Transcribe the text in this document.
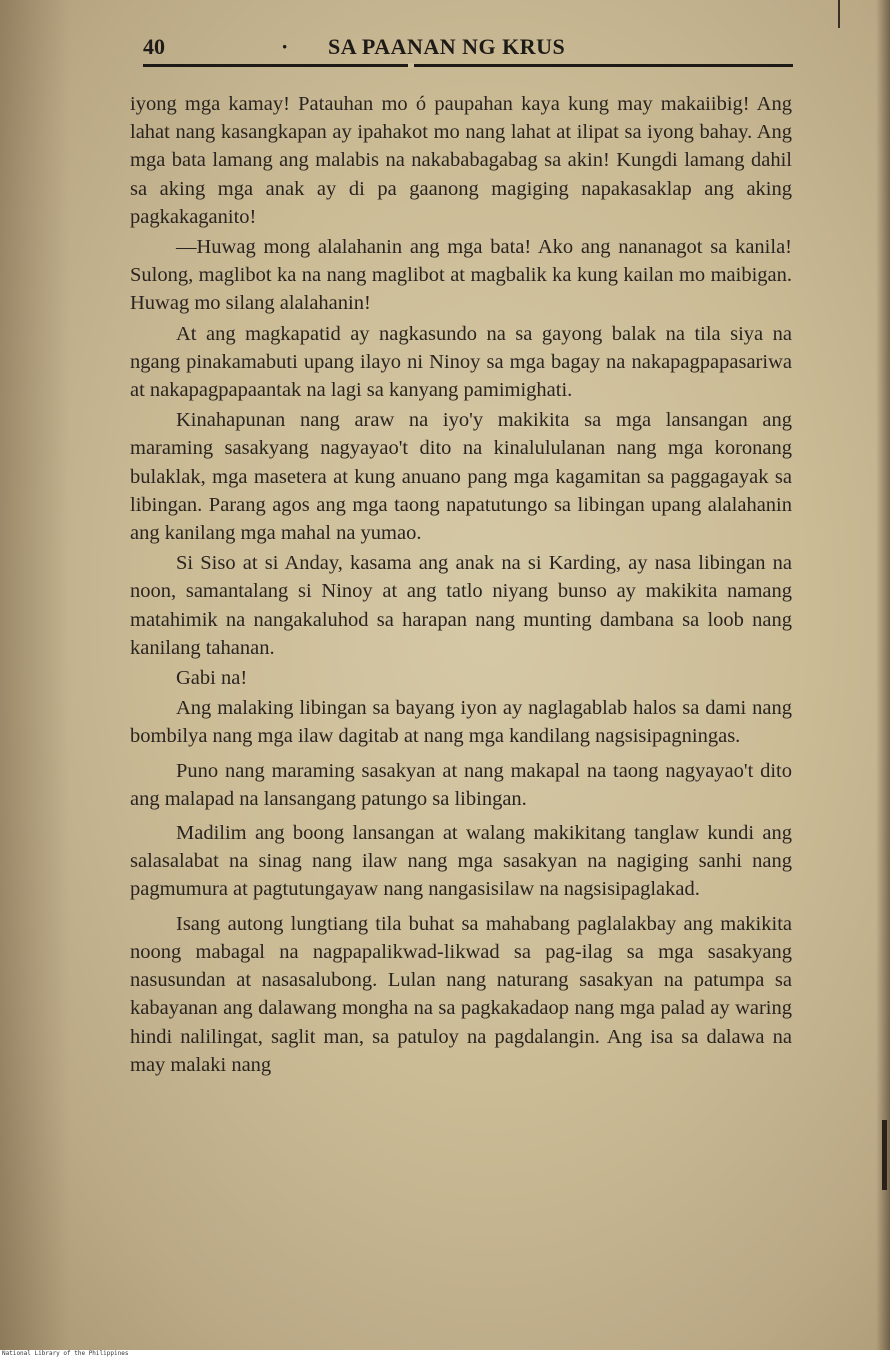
40	· SA PAANAN NG KRUS

iyong mga kamay! Patauhan mo ó paupahan kaya kung may makaiibig! Ang lahat nang kasangkapan ay ipahakot mo nang lahat at ilipat sa iyong bahay. Ang mga bata lamang ang malabis na nakababagabag sa akin! Kungdi lamang dahil sa aking mga anak ay di pa gaanong magiging napakasaklap ang aking pagkakaganito!

—Huwag mong alalahanin ang mga bata! Ako ang nananagot sa kanila! Sulong, maglibot ka na nang maglibot at magbalik ka kung kailan mo maibigan. Huwag mo silang alalahanin!

At ang magkapatid ay nagkasundo na sa gayong balak na tila siya na ngang pinakamabuti upang ilayo ni Ninoy sa mga bagay na nakapagpapasariwa at nakapagpapaantak na lagi sa kanyang pamimighati.

Kinahapunan nang araw na iyo'y makikita sa mga lansangan ang maraming sasakyang nagyayao't dito na kinalululanan nang mga koronang bulaklak, mga masetera at kung anuano pang mga kagamitan sa paggagayak sa libingan. Parang agos ang mga taong napatutungo sa libingan upang alalahanin ang kanilang mga mahal na yumao.

Si Siso at si Anday, kasama ang anak na si Karding, ay nasa libingan na noon, samantalang si Ninoy at ang tatlo niyang bunso ay makikita namang matahimik na nangakaluhod sa harapan nang munting dambana sa loob nang kanilang tahanan.

Gabi na!

Ang malaking libingan sa bayang iyon ay naglagablab halos sa dami nang bombilya nang mga ilaw dagitab at nang mga kandilang nagsisipagningas.

Puno nang maraming sasakyan at nang makapal na taong nagyayao't dito ang malapad na lansangang patungo sa libingan.

Madilim ang boong lansangan at walang makikitang tanglaw kundi ang salasalabat na sinag nang ilaw nang mga sasakyan na nagiging sanhi nang pagmumura at pagtutungayaw nang nangasisilaw na nagsisipaglakad.

Isang autong lungtiang tila buhat sa mahabang paglalakbay ang makikita noong mabagal na nagpapalikwad-likwad sa pag-ilag sa mga sasakyang nasusundan at nasasalubong. Lulan nang naturang sasakyan na patumpa sa kabayanan ang dalawang mongha na sa pagkakadaop nang mga palad ay waring hindi nalilingat, saglit man, sa patuloy na pagdalangin. Ang isa sa dalawa na may malaki nang

National Library of the Philippines
